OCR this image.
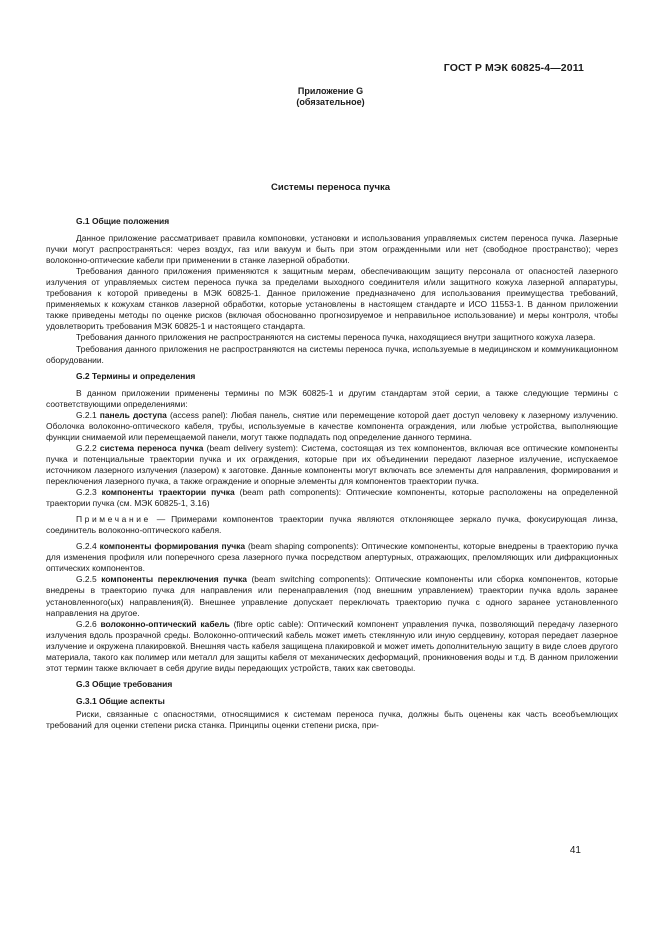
ГОСТ Р МЭК 60825-4—2011
Приложение G
(обязательное)
Системы переноса пучка

G.1 Общие положения

Данное приложение рассматривает правила компоновки, установки и использования управляемых систем переноса пучка. Лазерные пучки могут распространяться: через воздух, газ или вакуум и быть при этом огражденными или нет (свободное пространство); через волоконно-оптические кабели при применении в станке лазерной обработки.

Требования данного приложения применяются к защитным мерам, обеспечивающим защиту персонала от опасностей лазерного излучения от управляемых систем переноса пучка за пределами выходного соединителя и/или защитного кожуха лазерной аппаратуры, требования к которой приведены в МЭК 60825-1. Данное приложение предназначено для использования преимущества требований, применяемых к кожухам станков лазерной обработки, которые установлены в настоящем стандарте и ИСО 11553-1. В данном приложении также приведены методы по оценке рисков (включая обоснованно прогнозируемое и неправильное использование) и меры контроля, чтобы удовлетворить требования МЭК 60825-1 и настоящего стандарта.

Требования данного приложения не распространяются на системы переноса пучка, находящиеся внутри защитного кожуха лазера.

Требования данного приложения не распространяются на системы переноса пучка, используемые в медицинском и коммуникационном оборудовании.

G.2 Термины и определения

В данном приложении применены термины по МЭК 60825-1 и другим стандартам этой серии, а также следующие термины с соответствующими определениями:

G.2.1 панель доступа (access panel): Любая панель, снятие или перемещение которой дает доступ человеку к лазерному излучению. Оболочка волоконно-оптического кабеля, трубы, используемые в качестве компонента ограждения, или любые устройства, выполняющие функции снимаемой или перемещаемой панели, могут также подпадать под определение данного термина.

G.2.2 система переноса пучка (beam delivery system): Система, состоящая из тех компонентов, включая все оптические компоненты пучка и потенциальные траектории пучка и их ограждения, которые при их объединении передают лазерное излучение, испускаемое источником лазерного излучения (лазером) к заготовке. Данные компоненты могут включать все элементы для направления, формирования и переключения лазерного пучка, а также ограждение и опорные элементы для компонентов траектории пучка.

G.2.3 компоненты траектории пучка (beam path components): Оптические компоненты, которые расположены на определенной траектории пучка (см. МЭК 60825-1, 3.16)

Примечание — Примерами компонентов траектории пучка являются отклоняющее зеркало пучка, фокусирующая линза, соединитель волоконно-оптического кабеля.

G.2.4 компоненты формирования пучка (beam shaping components): Оптические компоненты, которые внедрены в траекторию пучка для изменения профиля или поперечного среза лазерного пучка посредством апертурных, отражающих, преломляющих или дифракционных оптических компонентов.

G.2.5 компоненты переключения пучка (beam switching components): Оптические компоненты или сборка компонентов, которые внедрены в траекторию пучка для направления или перенаправления (под внешним управлением) траектории пучка вдоль заранее установленного(ых) направления(й). Внешнее управление допускает переключать траекторию пучка с одного заранее установленного направления на другое.

G.2.6 волоконно-оптический кабель (fibre optic cable): Оптический компонент управления пучка, позволяющий передачу лазерного излучения вдоль прозрачной среды. Волоконно-оптический кабель может иметь стеклянную или иную сердцевину, которая передает лазерное излучение и окружена плакировкой. Внешняя часть кабеля защищена плакировкой и может иметь дополнительную защиту в виде слоев другого материала, такого как полимер или металл для защиты кабеля от механических деформаций, проникновения воды и т.д. В данном приложении этот термин также включает в себя другие виды передающих устройств, таких как световоды.

G.3 Общие требования

G.3.1 Общие аспекты

Риски, связанные с опасностями, относящимися к системам переноса пучка, должны быть оценены как часть всеобъемлющих требований для оценки степени риска станка. Принципы оценки степени риска, при-

41
